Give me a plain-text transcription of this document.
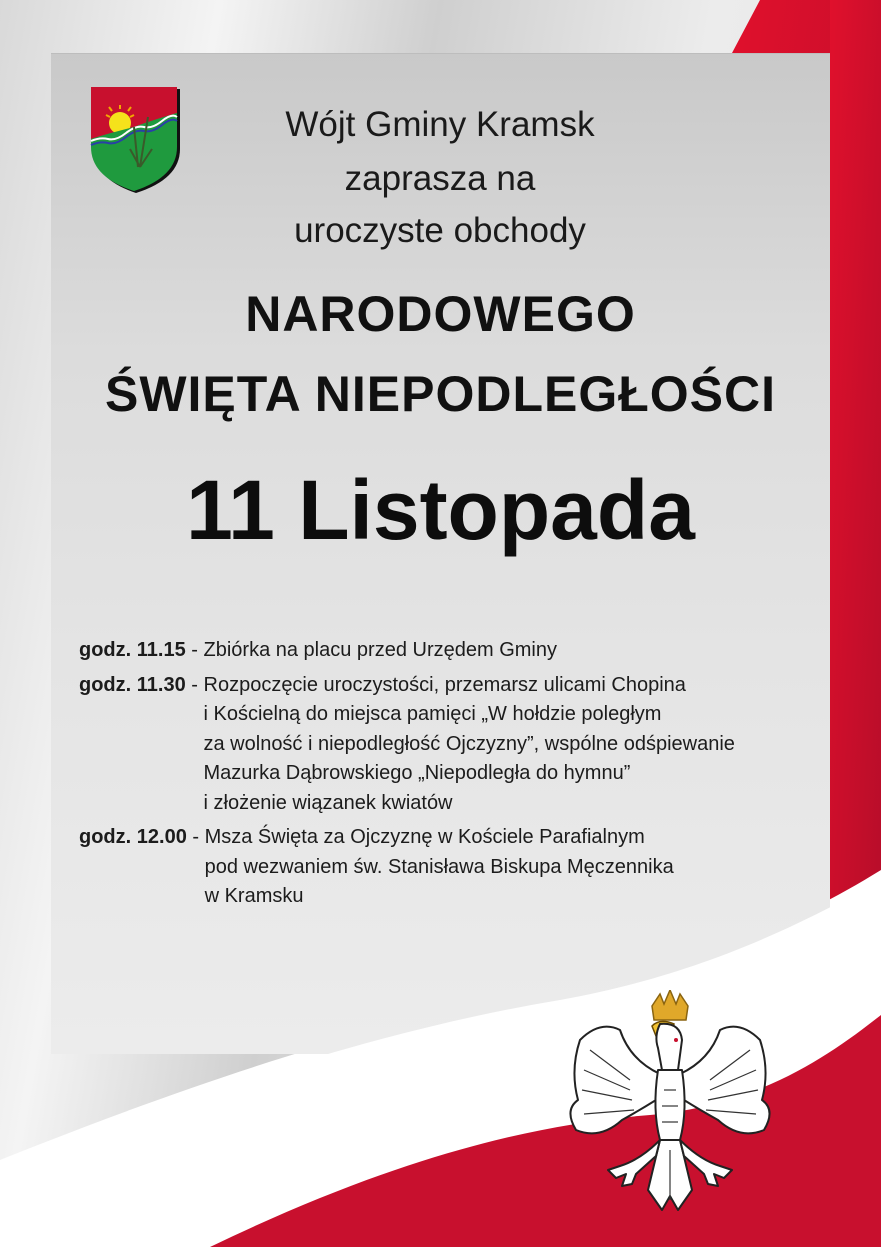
Wójt Gminy Kramsk
zaprasza na
uroczyste obchody
NARODOWEGO
ŚWIĘTA NIEPODLEGŁOŚCI
11 Listopada
godz. 11.15 - Zbiórka na placu przed Urzędem Gminy
godz. 11.30 - Rozpoczęcie uroczystości, przemarsz ulicami Chopina
i Kościelną do miejsca pamięci „W hołdzie poległym
za wolność i niepodległość Ojczyzny”, wspólne odśpiewanie
Mazurka Dąbrowskiego „Niepodległa do hymnu”
i złożenie wiązanek kwiatów
godz. 12.00 - Msza Święta za Ojczyznę w Kościele Parafialnym
pod wezwaniem św. Stanisława Biskupa Męczennika
w Kramsku
